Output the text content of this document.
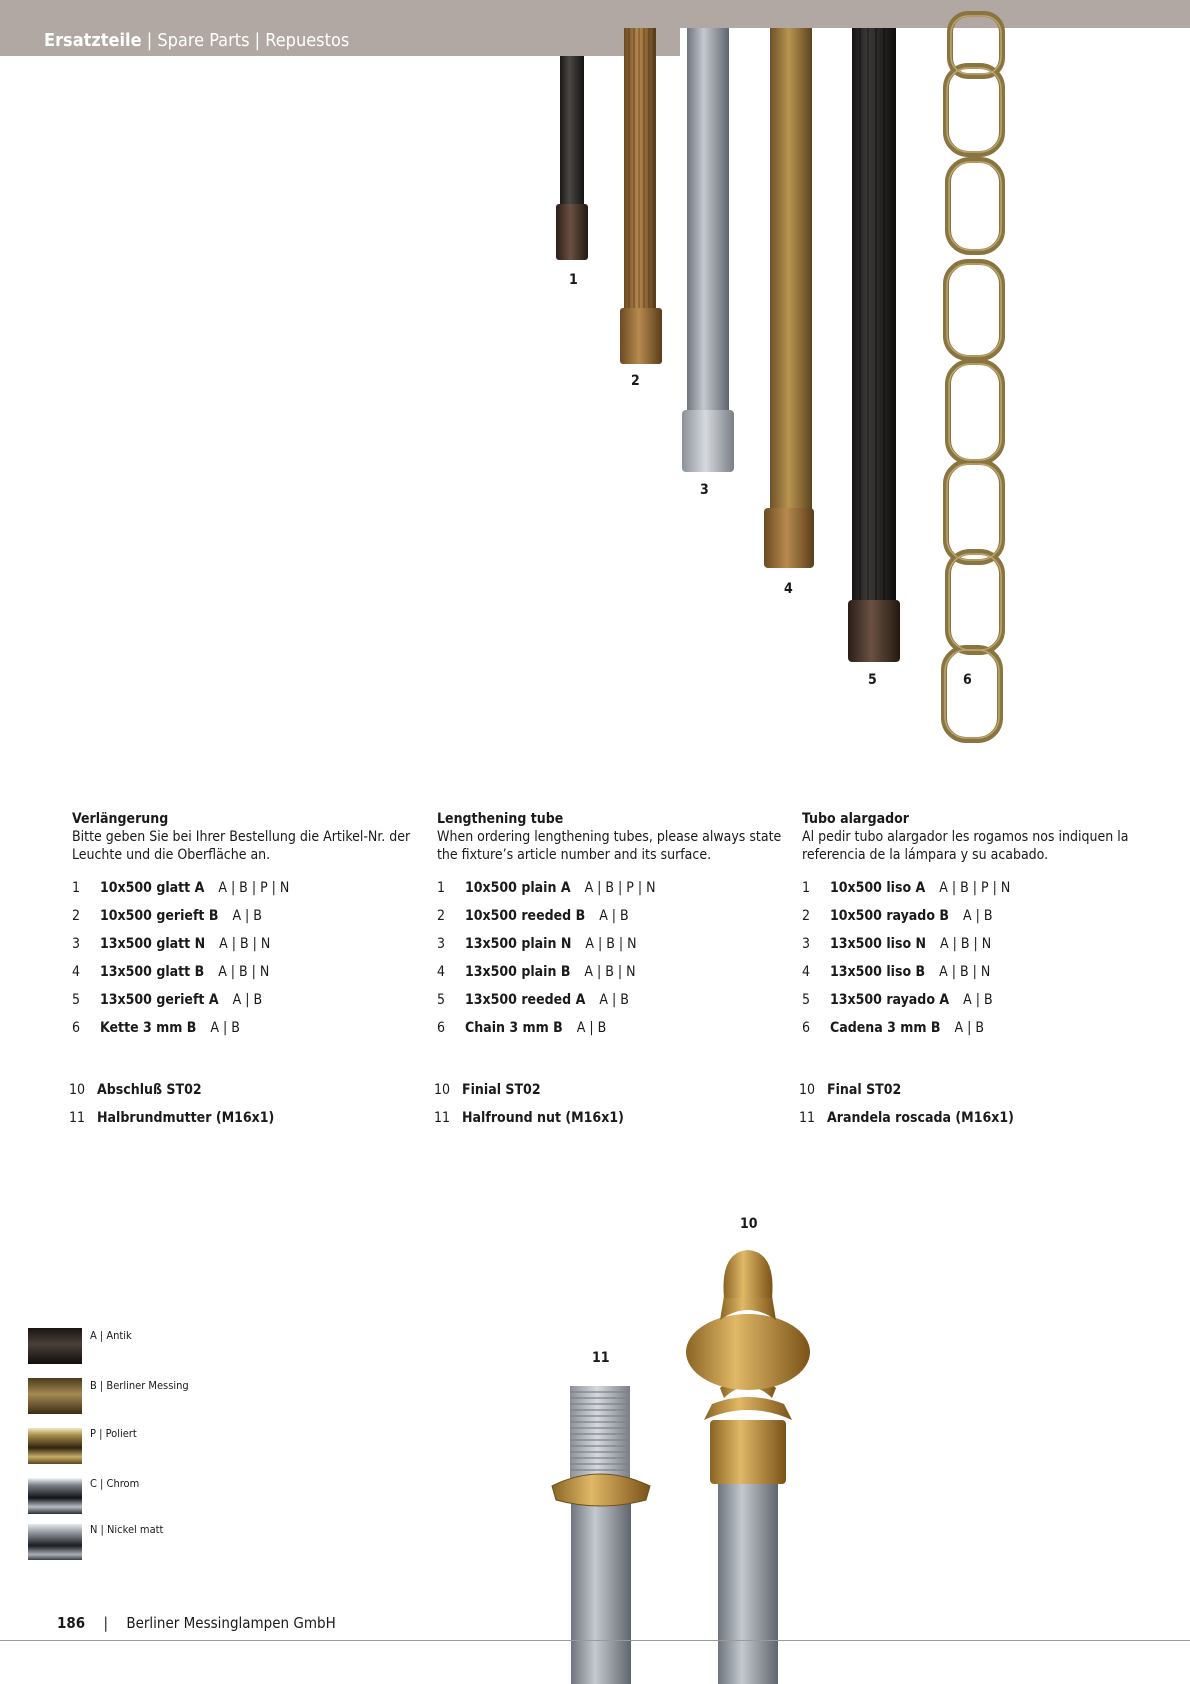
Ersatzteile | Spare Parts | Repuestos
1
2
3
4
5	6
10
11
Verlängerung

Bitte geben Sie bei Ihrer Bestellung die Artikel-Nr. der Leuchte und die Oberfläche an.

1	10x500 glatt A A | B | P | N
2	10x500 gerieft B A | B
3	13x500 glatt N A | B | N
4	13x500 glatt B A | B | N
5	13x500 gerieft A A | B
6	Kette 3 mm B A | B
10 Abschluß ST02
11 Halbrundmutter (M16x1)
Lengthening tube

When ordering lengthening tubes, please always state the fixture’s article number and its surface.

1	10x500 plain A A | B | P | N
2	10x500 reeded B A | B
3	13x500 plain N A | B | N
4	13x500 plain B A | B | N
5	13x500 reeded A A | B
6	Chain 3 mm B A | B
10 Finial ST02
11 Halfround nut (M16x1)
Tubo alargador

Al pedir tubo alargador les rogamos nos indiquen la referencia de la lámpara y su acabado.

1	10x500 liso A A | B | P | N
2	10x500 rayado B A | B
3	13x500 liso N A | B | N
4	13x500 liso B A | B | N
5	13x500 rayado A A | B
6	Cadena 3 mm B A | B
10 Final ST02
11 Arandela roscada (M16x1)
A | Antik
B | Berliner Messing
P | Poliert
C | Chrom
N | Nickel matt
186 | Berliner Messinglampen GmbH
